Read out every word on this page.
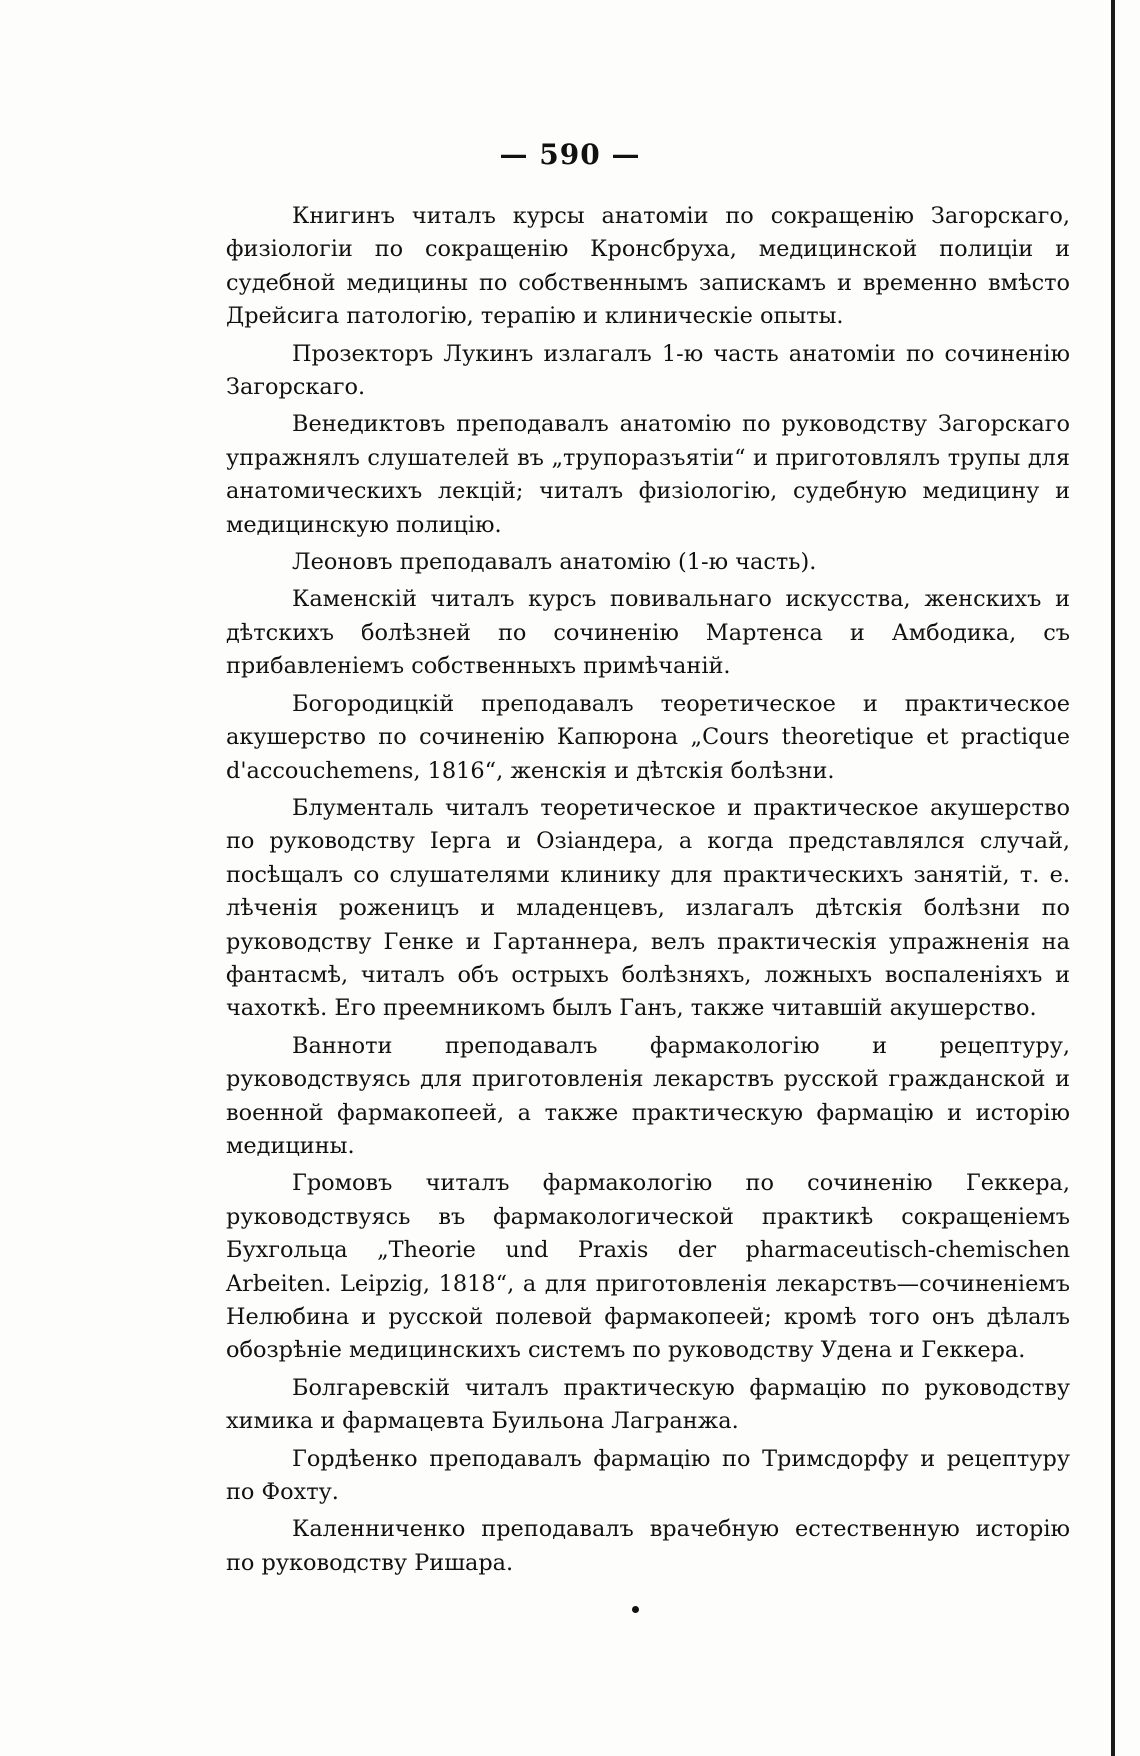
— 590 —

Книгинъ читалъ курсы анатоміи по сокращенію Загорскаго, физіологіи по сокращенію Кронсбруха, медицинской полиціи и судебной медицины по собственнымъ запискамъ и временно вмѣсто Дрейсига патологію, терапію и клиническіе опыты.

Прозекторъ Лукинъ излагалъ 1-ю часть анатоміи по сочиненію Загорскаго.

Венедиктовъ преподавалъ анатомію по руководству Загорскаго упражнялъ слушателей въ „трупоразъятіи“ и приготовлялъ трупы для анатомическихъ лекцій; читалъ физіологію, судебную медицину и медицинскую полицію.

Леоновъ преподавалъ анатомію (1-ю часть).

Каменскій читалъ курсъ повивальнаго искусства, женскихъ и дѣтскихъ болѣзней по сочиненію Мартенса и Амбодика, съ прибавленіемъ собственныхъ примѣчаній.

Богородицкій преподавалъ теоретическое и практическое акушерство по сочиненію Капюрона „Cours theoretique et practique d'accouchemens, 1816“, женскія и дѣтскія болѣзни.

Блументаль читалъ теоретическое и практическое акушерство по руководству Іерга и Озіандера, а когда представлялся случай, посѣщалъ со слушателями клинику для практическихъ занятій, т. е. лѣченія роженицъ и младенцевъ, излагалъ дѣтскія болѣзни по руководству Генке и Гартаннера, велъ практическія упражненія на фантасмѣ, читалъ объ острыхъ болѣзняхъ, ложныхъ воспаленіяхъ и чахоткѣ. Его преемникомъ былъ Ганъ, также читавшій акушерство.

Ванноти преподавалъ фармакологію и рецептуру, руководствуясь для приготовленія лекарствъ русской гражданской и военной фармакопеей, а также практическую фармацію и исторію медицины.

Громовъ читалъ фармакологію по сочиненію Геккера, руководствуясь въ фармакологической практикѣ сокращеніемъ Бухгольца „Theorie und Praxis der pharmaceutisch-chemischen Arbeiten. Leipzig, 1818“, а для приготовленія лекарствъ—сочиненіемъ Нелюбина и русской полевой фармакопеей; кромѣ того онъ дѣлалъ обозрѣніе медицинскихъ системъ по руководству Удена и Геккера.

Болгаревскій читалъ практическую фармацію по руководству химика и фармацевта Буильона Лагранжа.

Гордѣенко преподавалъ фармацію по Тримсдорфу и рецептуру по Фохту.

Каленниченко преподавалъ врачебную естественную исторію по руководству Ришара.
